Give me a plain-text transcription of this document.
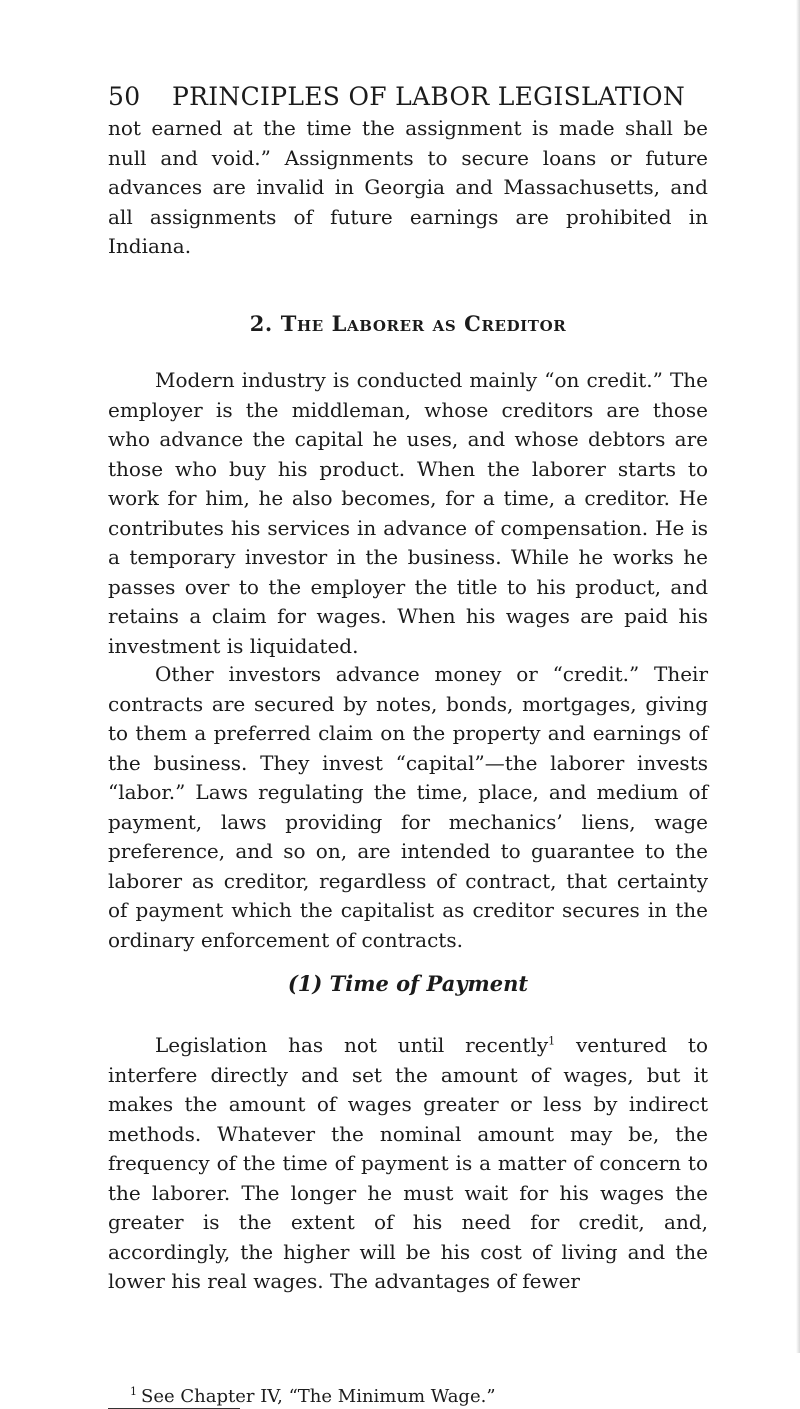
50 PRINCIPLES OF LABOR LEGISLATION

not earned at the time the assignment is made shall be null and void.” Assignments to secure loans or future advances are invalid in Georgia and Massachusetts, and all assignments of future earnings are prohibited in Indiana.

2. The Laborer as Creditor

Modern industry is conducted mainly “on credit.” The employer is the middleman, whose creditors are those who advance the capital he uses, and whose debtors are those who buy his product. When the laborer starts to work for him, he also becomes, for a time, a creditor. He contributes his services in advance of compensation. He is a temporary investor in the business. While he works he passes over to the employer the title to his product, and retains a claim for wages. When his wages are paid his investment is liquidated.

Other investors advance money or “credit.” Their contracts are secured by notes, bonds, mortgages, giving to them a preferred claim on the property and earnings of the business. They invest “capital”—the laborer invests “labor.” Laws regulating the time, place, and medium of payment, laws providing for mechanics’ liens, wage preference, and so on, are intended to guarantee to the laborer as creditor, regardless of contract, that certainty of payment which the capitalist as creditor secures in the ordinary enforcement of contracts.

(1) Time of Payment

Legislation has not until recently$^1$ ventured to interfere directly and set the amount of wages, but it makes the amount of wages greater or less by indirect methods. Whatever the nominal amount may be, the frequency of the time of payment is a matter of concern to the laborer. The longer he must wait for his wages the greater is the extent of his need for credit, and, accordingly, the higher will be his cost of living and the lower his real wages. The advantages of fewer

$^1$ See Chapter IV, “The Minimum Wage.”
